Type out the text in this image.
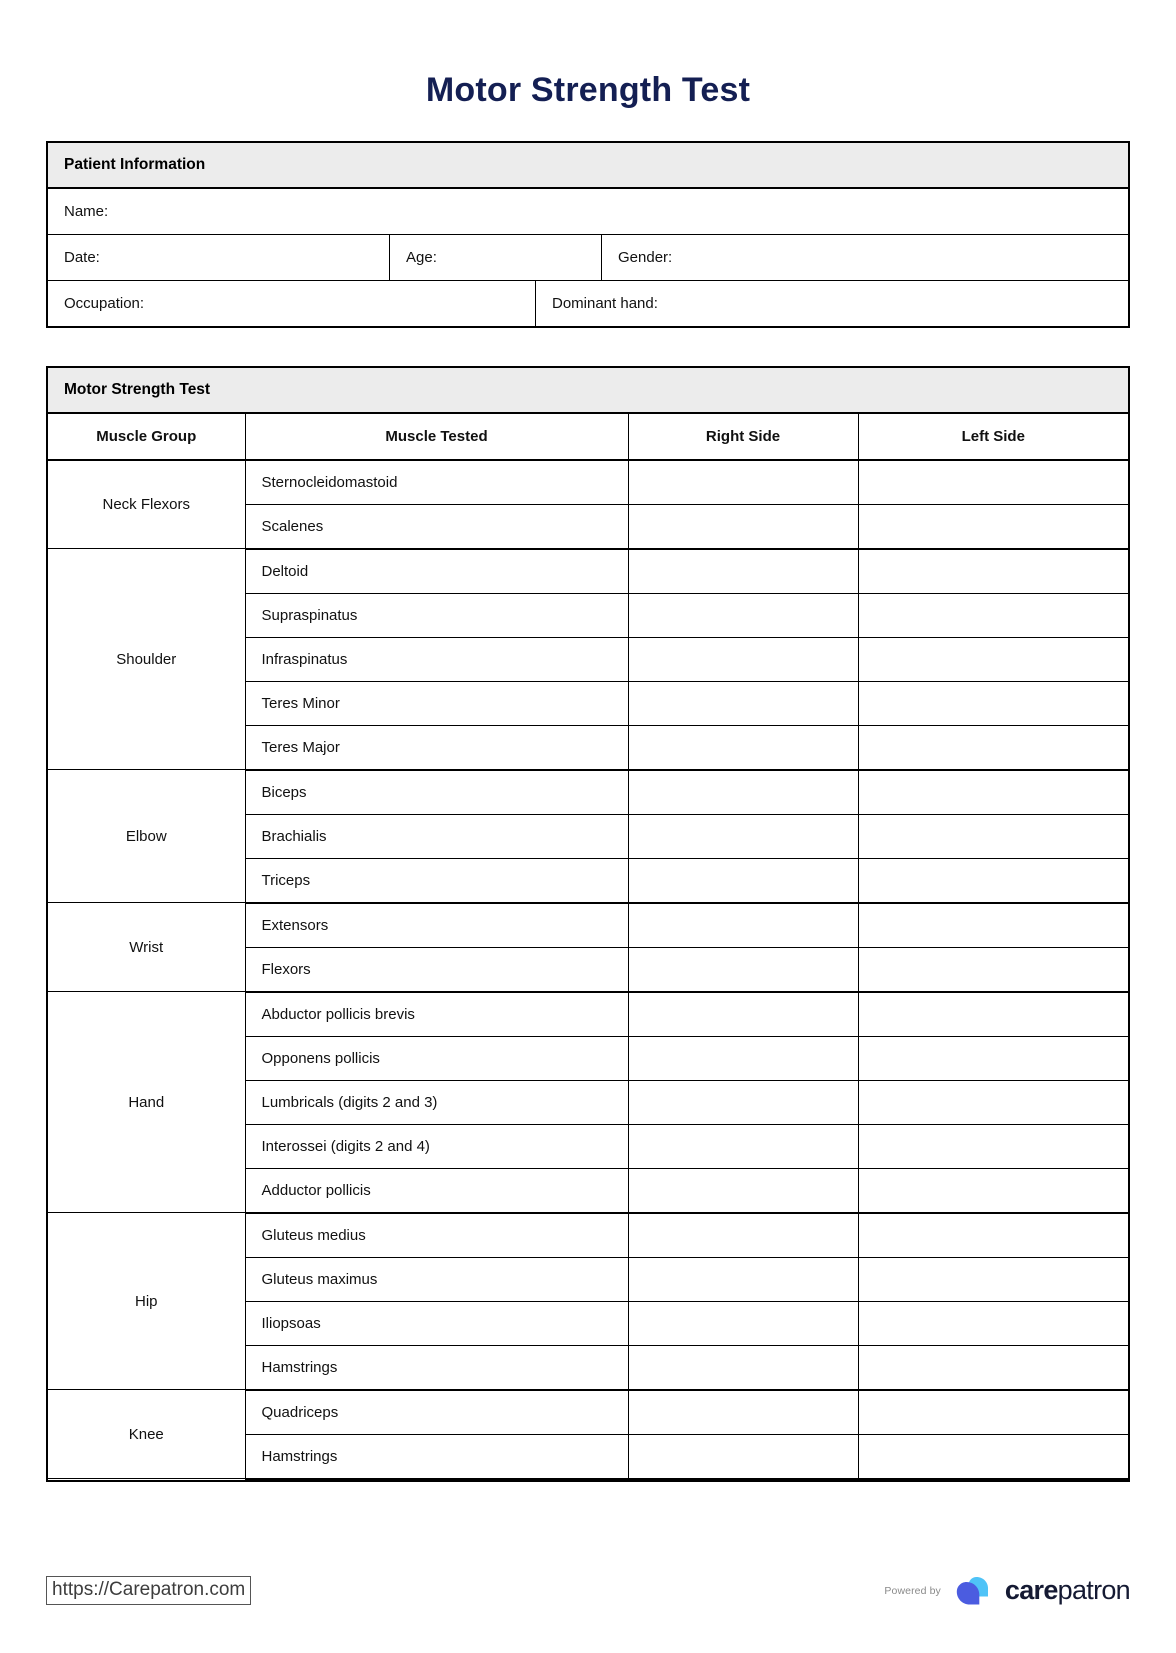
Motor Strength Test
Patient Information
Name:
Date:	Age:	Gender:
Occupation:	Dominant hand:
Motor Strength Test
Muscle Group	Muscle Tested	Right Side	Left Side
Neck Flexors	Sternocleidomastoid		
	Scalenes		
Shoulder	Deltoid		
	Supraspinatus		
	Infraspinatus		
	Teres Minor		
	Teres Major		
Elbow	Biceps		
	Brachialis		
	Triceps		
Wrist	Extensors		
	Flexors		
Hand	Abductor pollicis brevis		
	Opponens pollicis		
	Lumbricals (digits 2 and 3)		
	Interossei (digits 2 and 4)		
	Adductor pollicis		
Hip	Gluteus medius		
	Gluteus maximus		
	Iliopsoas		
	Hamstrings		
Knee	Quadriceps		
	Hamstrings		
https://Carepatron.com	Powered by carepatron
